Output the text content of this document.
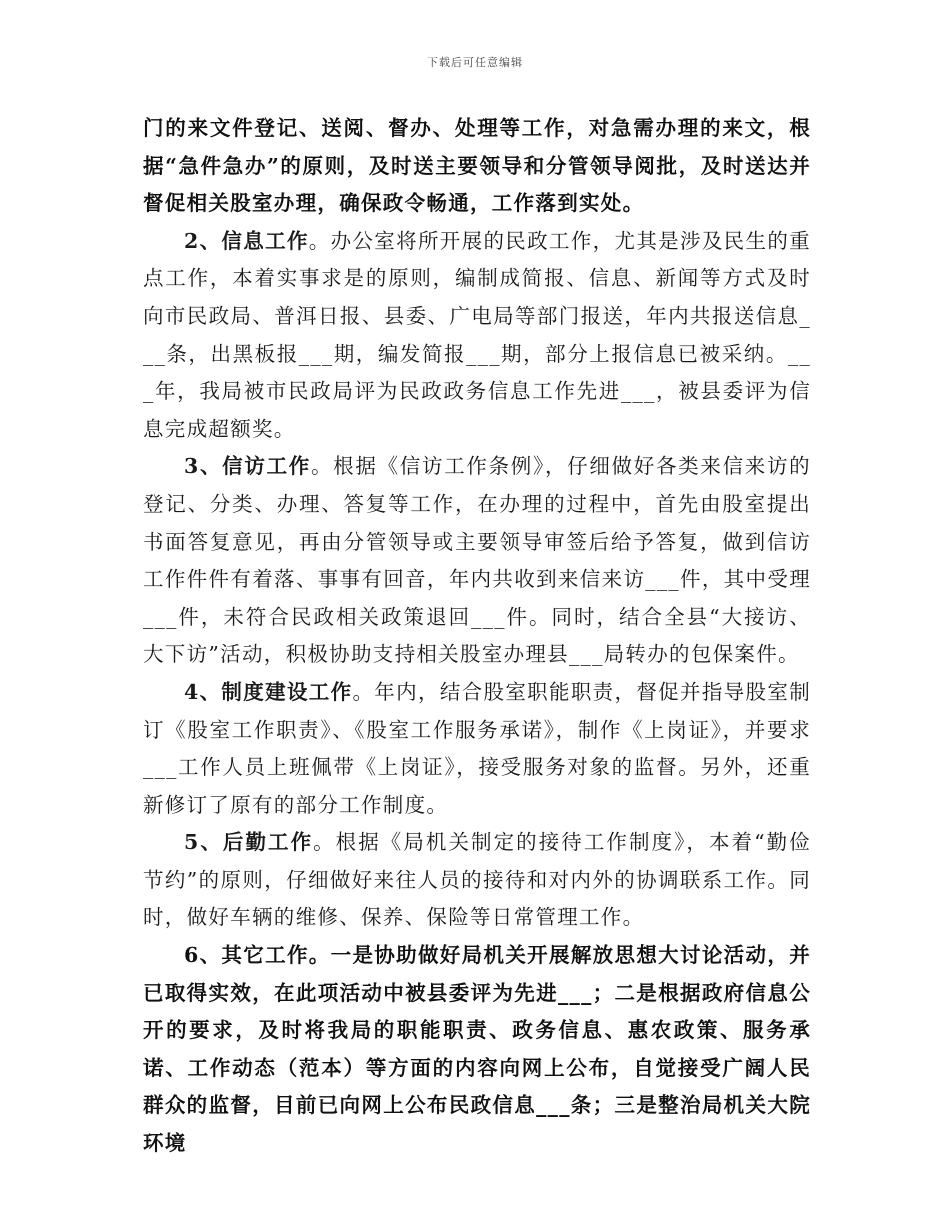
下载后可任意编辑

门的来文件登记、送阅、督办、处理等工作，对急需办理的来文，根据“急件急办”的原则，及时送主要领导和分管领导阅批，及时送达并督促相关股室办理，确保政令畅通，工作落到实处。

2、信息工作。办公室将所开展的民政工作，尤其是涉及民生的重点工作，本着实事求是的原则，编制成简报、信息、新闻等方式及时向市民政局、普洱日报、县委、广电局等部门报送，年内共报送信息___条，出黑板报___期，编发简报___期，部分上报信息已被采纳。___年，我局被市民政局评为民政政务信息工作先进___，被县委评为信息完成超额奖。

3、信访工作。根据《信访工作条例》，仔细做好各类来信来访的登记、分类、办理、答复等工作，在办理的过程中，首先由股室提出书面答复意见，再由分管领导或主要领导审签后给予答复，做到信访工作件件有着落、事事有回音，年内共收到来信来访___件，其中受理___件，未符合民政相关政策退回___件。同时，结合全县“大接访、大下访”活动，积极协助支持相关股室办理县___局转办的包保案件。

4、制度建设工作。年内，结合股室职能职责，督促并指导股室制订《股室工作职责》、《股室工作服务承诺》，制作《上岗证》，并要求___工作人员上班佩带《上岗证》，接受服务对象的监督。另外，还重新修订了原有的部分工作制度。

5、后勤工作。根据《局机关制定的接待工作制度》，本着“勤俭节约”的原则，仔细做好来往人员的接待和对内外的协调联系工作。同时，做好车辆的维修、保养、保险等日常管理工作。

6、其它工作。一是协助做好局机关开展解放思想大讨论活动，并已取得实效，在此项活动中被县委评为先进___；二是根据政府信息公开的要求，及时将我局的职能职责、政务信息、惠农政策、服务承诺、工作动态（范本）等方面的内容向网上公布，自觉接受广阔人民群众的监督，目前已向网上公布民政信息___条；三是整治局机关大院环境
